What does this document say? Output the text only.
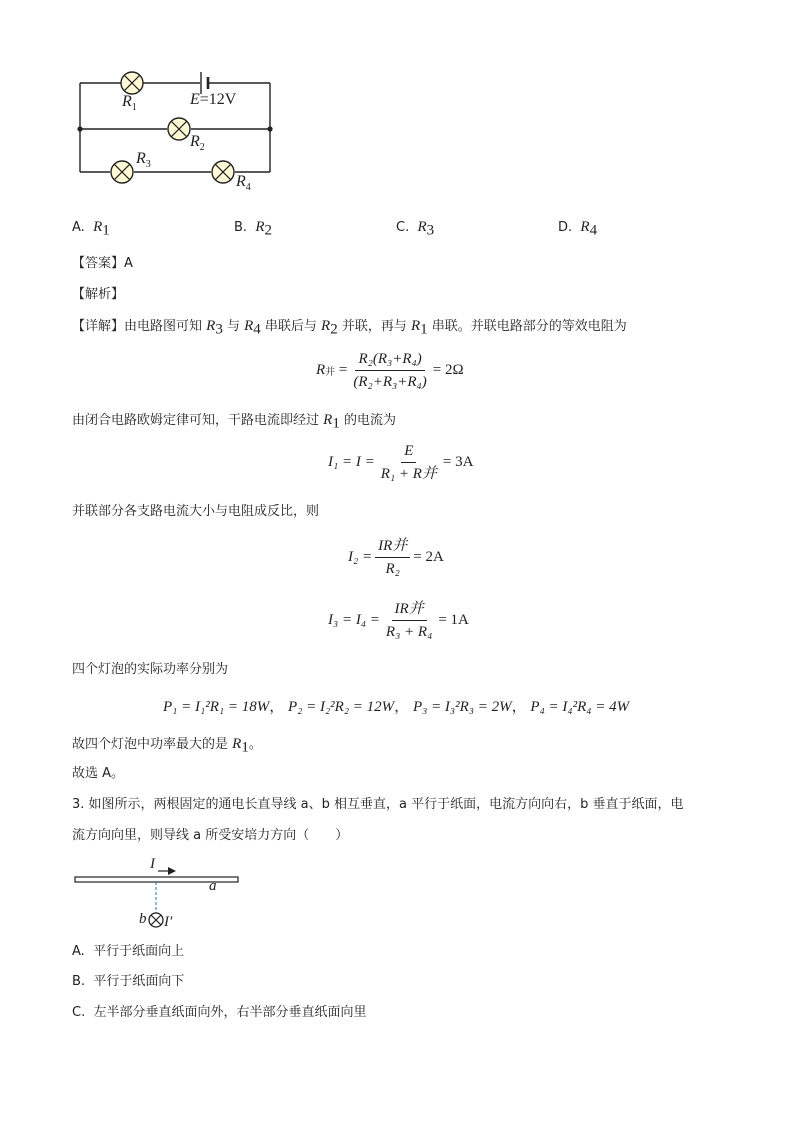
$R_1$	E=12V
$R_2$
$R_3$
$R_4$
A. $R_1$	B. $R_2$	C. $R_3$	D. $R_4$
【答案】A
【解析】
【详解】由电路图可知 $R_3$ 与 $R_4$ 串联后与 $R_2$ 并联，再与 $R_1$ 串联。并联电路部分的等效电阻为
R 并 = $\frac{\text{R₂(R₃+R₄)}}{\text{(R₂+R₃+R₄)}} = 2\Omega$
由闭合电路欧姆定律可知，干路电流即经过 $R_1$ 的电流为
$I_1 = I = \frac{E}{\text{R₁ + R并}} = 3A$
并联部分各支路电流大小与电阻成反比，则
$I_2 = \frac{\text{IR并}}{\text{R₂}} = 2A$
$I_3 = I_4 = \frac{\text{IR并}}{\text{R₃ + R₄}} = 1A$
四个灯泡的实际功率分别为
P₁ = I₁²R₁ = 18W， P₂ = I₂²R₂ = 12W， P₃ = I₃²R₃ = 2W， P₄ = I₄²R₄ = 4W
故四个灯泡中功率最大的是 $R_1$。
故选 A。
3. 如图所示，两根固定的通电长直导线 a、b 相互垂直，a 平行于纸面，电流方向向右，b 垂直于纸面，电
流方向向里，则导线 a 所受安培力方向（　　）
I
a
b I′
A. 平行于纸面向上
B. 平行于纸面向下
C. 左半部分垂直纸面向外，右半部分垂直纸面向里
